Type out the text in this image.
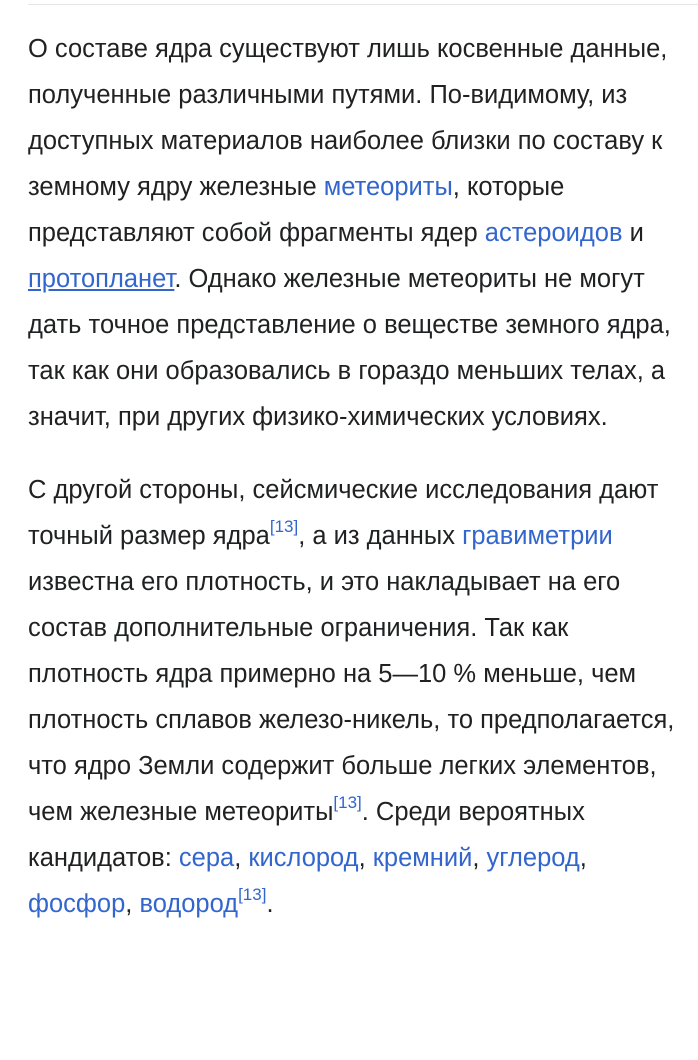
О составе ядра существуют лишь косвенные данные, полученные различными путями. По-видимому, из доступных материалов наиболее близки по составу к земному ядру железные метеориты, которые представляют собой фрагменты ядер астероидов и протопланет. Однако железные метеориты не могут дать точное представление о веществе земного ядра, так как они образовались в гораздо меньших телах, а значит, при других физико-химических условиях.

С другой стороны, сейсмические исследования дают точный размер ядра[13], а из данных гравиметрии известна его плотность, и это накладывает на его состав дополнительные ограничения. Так как плотность ядра примерно на 5—10 % меньше, чем плотность сплавов железо-никель, то предполагается, что ядро Земли содержит больше легких элементов, чем железные метеориты[13]. Среди вероятных кандидатов: сера, кислород, кремний, углерод, фосфор, водород[13].
